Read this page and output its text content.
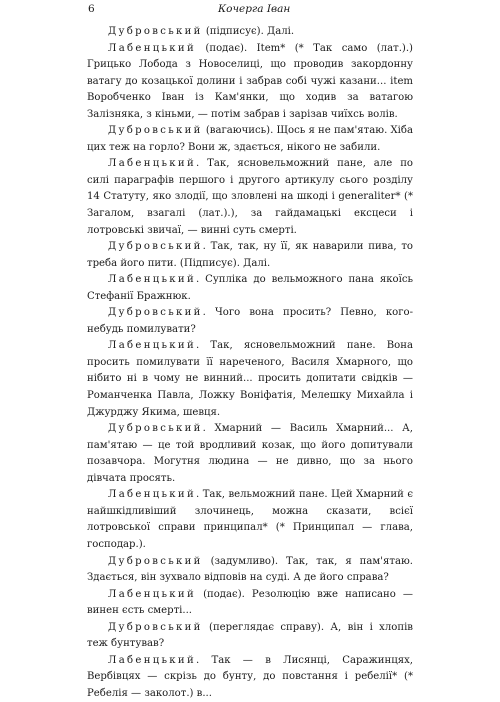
6	Кочерга Іван

Дубровський (підписує). Далі.

Лабенцький (подає). Item* (* Так само (лат.).) Грицько Лобода з Новоселиці, що проводив закордонну ватагу до козацької долини і забрав собі чужі казани... item Воробченко Іван із Кам'янки, що ходив за ватагою Залізняка, з кіньми, — потім забрав і зарізав чиїхсь волів.

Дубровський (вагаючись). Щось я не пам'ятаю. Хіба цих теж на горло? Вони ж, здається, нікого не забили.

Лабенцький. Так, ясновельможний пане, але по силі параграфів першого і другого артикулу сього розділу 14 Статуту, яко злодії, що зловлені на шкоді і generaliter* (* Загалом, взагалі (лат.).), за гайдамацькі ексцеси і лотровські звичаї, — винні суть смерті.

Дубровський. Так, так, ну її, як наварили пива, то треба його пити. (Підписує). Далі.

Лабенцький. Супліка до вельможного пана якоїсь Стефанії Бражнюк.

Дубровський. Чого вона просить? Певно, кого-небудь помилувати?

Лабенцький. Так, ясновельможний пане. Вона просить помилувати її нареченого, Василя Хмарного, що нібито ні в чому не винний... просить допитати свідків — Романченка Павла, Ложку Воніфатія, Мелешку Михайла і Джурджу Якима, шевця.

Дубровський. Хмарний — Василь Хмарний... А, пам'ятаю — це той вродливий козак, що його допитували позавчора. Могутня людина — не дивно, що за нього дівчата просять.

Лабенцький. Так, вельможний пане. Цей Хмарний є найшкідливіший злочинець, можна сказати, всієї лотровської справи принципал* (* Принципал — глава, господар.).

Дубровський (задумливо). Так, так, я пам'ятаю. Здається, він зухвало відповів на суді. А де його справа?

Лабенцький (подає). Резолюцію вже написано — винен єсть смерті...

Дубровський (переглядає справу). А, він і хлопів теж бунтував?

Лабенцький. Так — в Лисянці, Саражинцях, Вербівцях — скрізь до бунту, до повстання і ребелії* (* Ребелія — заколот.) в...
